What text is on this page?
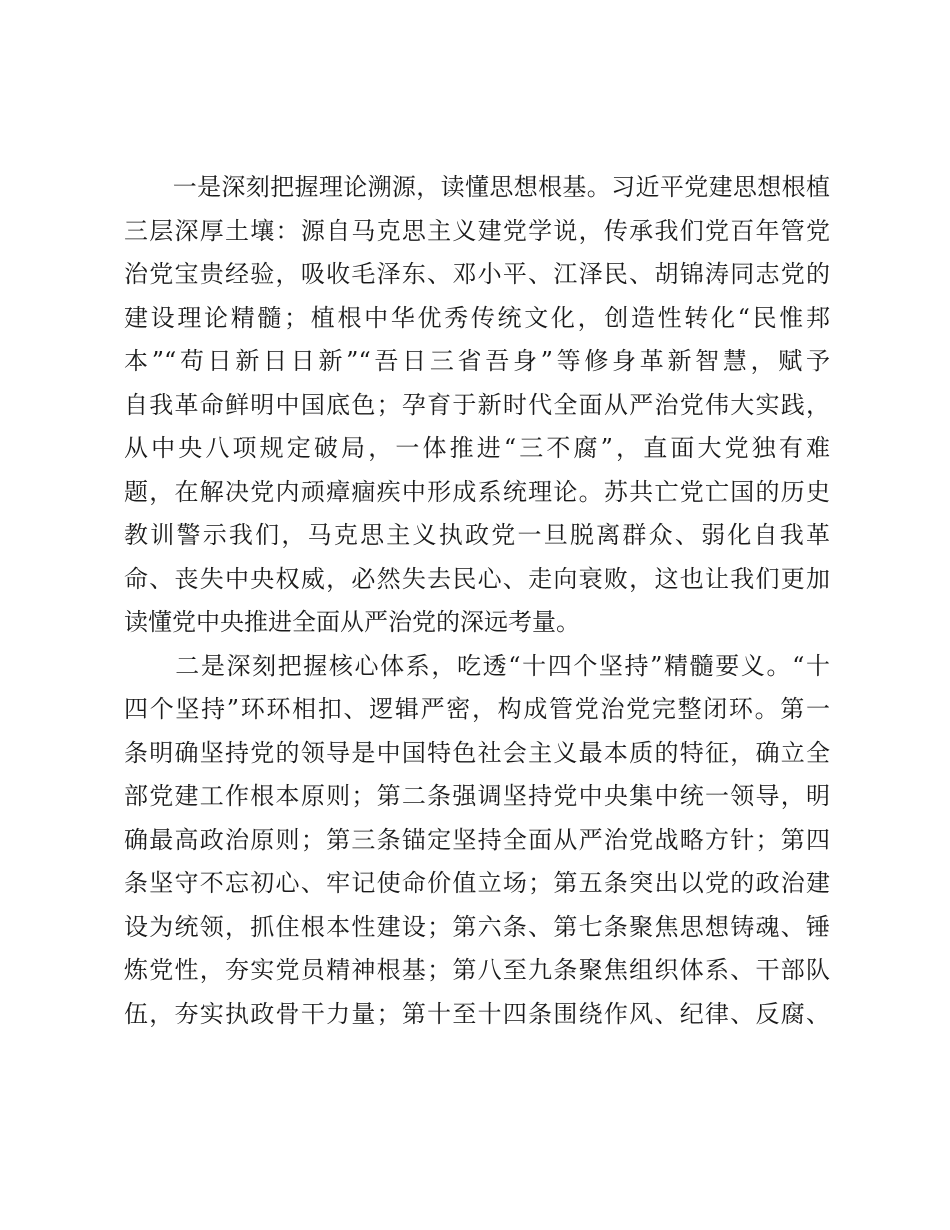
　　一是深刻把握理论溯源，读懂思想根基。习近平党建思想根植
三层深厚土壤：源自马克思主义建党学说，传承我们党百年管党
治党宝贵经验，吸收毛泽东、邓小平、江泽民、胡锦涛同志党的
建设理论精髓；植根中华优秀传统文化，创造性转化“民惟邦
本”“苟日新日日新”“吾日三省吾身”等修身革新智慧，赋予
自我革命鲜明中国底色；孕育于新时代全面从严治党伟大实践，
从中央八项规定破局，一体推进“三不腐”，直面大党独有难
题，在解决党内顽瘴痼疾中形成系统理论。苏共亡党亡国的历史
教训警示我们，马克思主义执政党一旦脱离群众、弱化自我革
命、丧失中央权威，必然失去民心、走向衰败，这也让我们更加
读懂党中央推进全面从严治党的深远考量。
　　二是深刻把握核心体系，吃透“十四个坚持”精髓要义。“十
四个坚持”环环相扣、逻辑严密，构成管党治党完整闭环。第一
条明确坚持党的领导是中国特色社会主义最本质的特征，确立全
部党建工作根本原则；第二条强调坚持党中央集中统一领导，明
确最高政治原则；第三条锚定坚持全面从严治党战略方针；第四
条坚守不忘初心、牢记使命价值立场；第五条突出以党的政治建
设为统领，抓住根本性建设；第六条、第七条聚焦思想铸魂、锤
炼党性，夯实党员精神根基；第八至九条聚焦组织体系、干部队
伍，夯实执政骨干力量；第十至十四条围绕作风、纪律、反腐、
